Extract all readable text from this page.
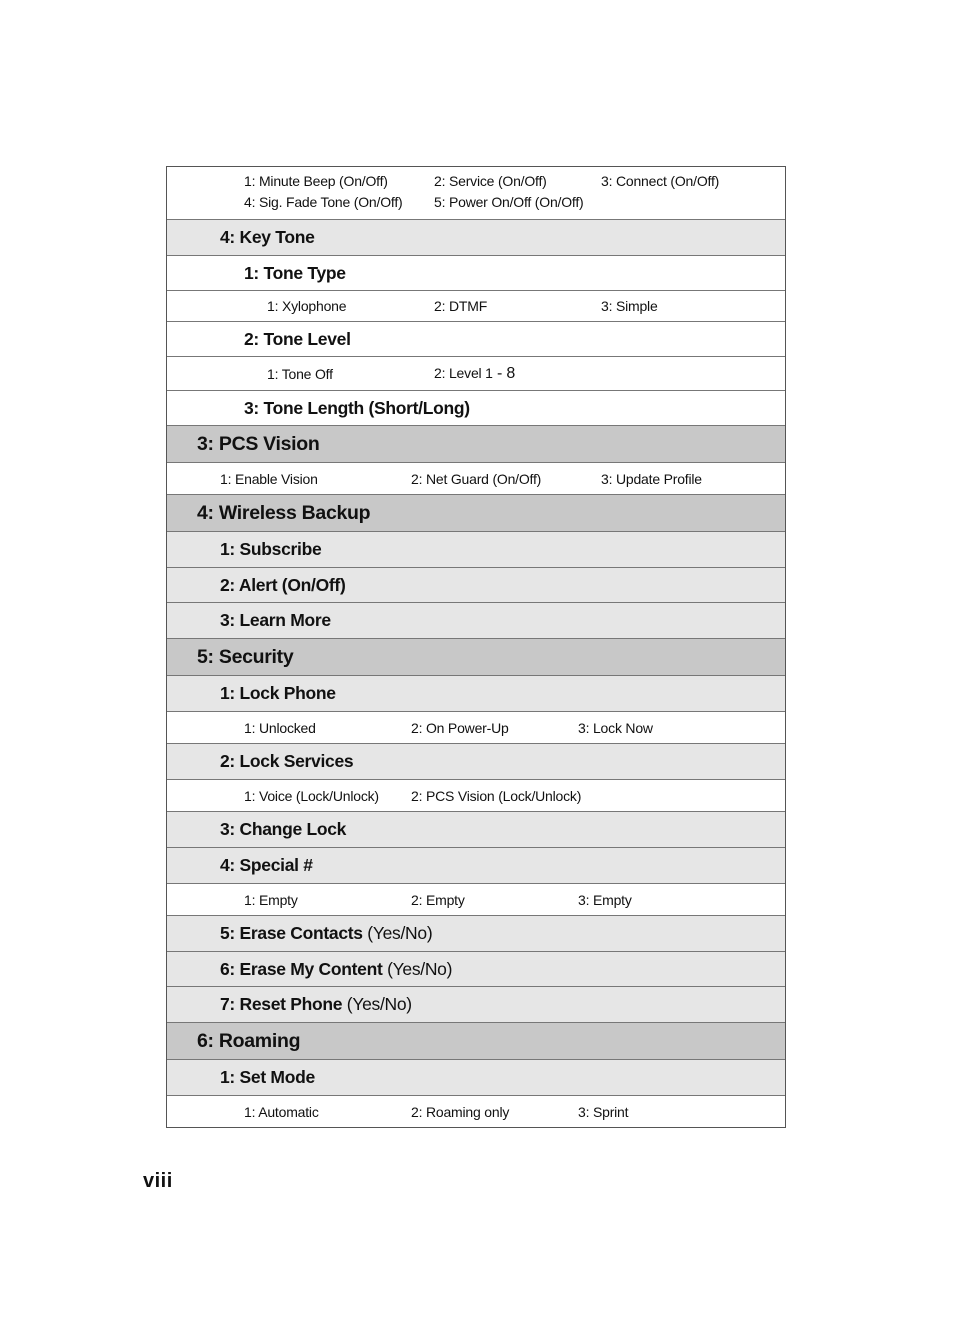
1: Minute Beep (On/Off)	2: Service (On/Off)	3: Connect (On/Off)
4: Sig. Fade Tone (On/Off) 5: Power On/Off (On/Off)
4: Key Tone
1: Tone Type
1: Xylophone	2: DTMF	3: Simple
2: Tone Level
1: Tone Off	2: Level 1 - 8
3: Tone Length (Short/Long)
3: PCS Vision
1: Enable Vision	2: Net Guard (On/Off)	3: Update Profile
4: Wireless Backup
1: Subscribe
2: Alert (On/Off)
3: Learn More
5: Security
1: Lock Phone
1: Unlocked	2: On Power-Up	3: Lock Now
2: Lock Services
1: Voice (Lock/Unlock) 2: PCS Vision (Lock/Unlock)
3: Change Lock
4: Special #
1: Empty	2: Empty	3: Empty
5: Erase Contacts (Yes/No)
6: Erase My Content (Yes/No)
7: Reset Phone (Yes/No)
6: Roaming
1: Set Mode
1: Automatic	2: Roaming only	3: Sprint
viii
